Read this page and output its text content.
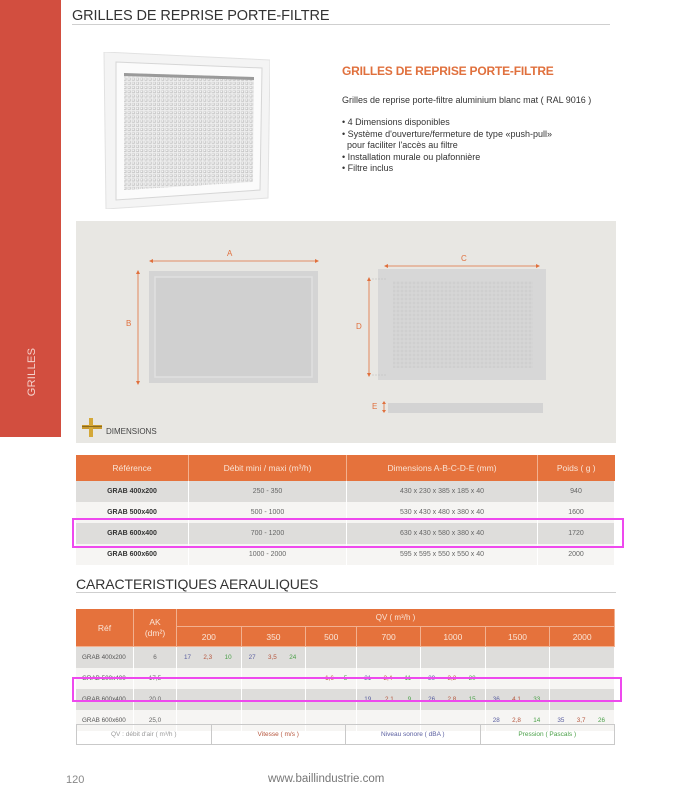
GRILLES
GRILLES DE REPRISE PORTE-FILTRE
GRILLES DE REPRISE PORTE-FILTRE
Grilles de reprise porte-filtre aluminium blanc mat ( RAL 9016 )
• 4 Dimensions disponibles
• Système d'ouverture/fermeture de type «push-pull»
pour faciliter l'accès au filtre
• Installation murale ou plafonnière
• Filtre inclus
A
B
C
D
E
DIMENSIONS
Référence	Débit mini / maxi (m³/h)	Dimensions A-B-C-D-E (mm)	Poids ( g )
GRAB 400x200	250 - 350	430 x 230 x 385 x 185 x 40	940
GRAB 500x400	500 - 1000	530 x 430 x 480 x 380 x 40	1600
GRAB 600x400	700 - 1200	630 x 430 x 580 x 380 x 40	1720
GRAB 600x600	1000 - 2000	595 x 595 x 550 x 550 x 40	2000
CARACTERISTIQUES AERAULIQUES
Réf	AK
(dm²)	QV ( m³/h )						
		200	350	500	700	1000	1500	2000
GRAB 400x200	6	17 2,3 10	27 3,5 24					

GRAB 500x400	17,5			- 1,6 5	21 2,4 11	29 3,2 20		

GRAB 600x400	20,0				19 2,1 9	26 2,8 15	36 4,1 33	

GRAB 600x600	25,0						28 2,8 14	35 3,7 26
QV : débit d'air ( m³/h )	Vitesse ( m/s )	Niveau sonore ( dBA )	Pression ( Pascals )
120	www.baillindustrie.com
